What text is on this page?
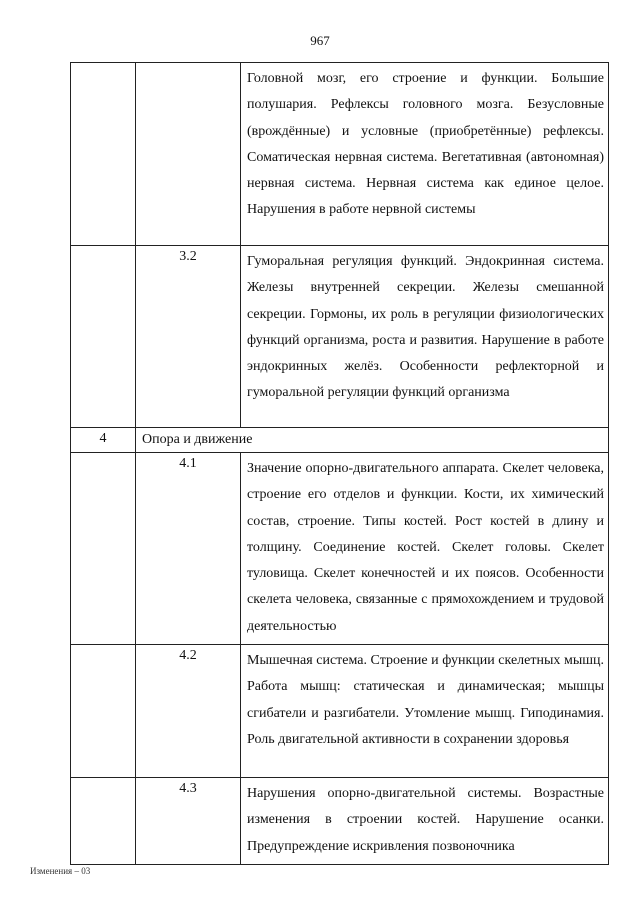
967
		Головной мозг, его строение и функции. Большие полушария. Рефлексы головного мозга. Безусловные (врождённые) и условные (приобретённые) рефлексы. Соматическая нервная система. Вегетативная (автономная) нервная система. Нервная система как единое целое. Нарушения в работе нервной системы
	3.2	Гуморальная регуляция функций. Эндокринная система. Железы внутренней секреции. Железы смешанной секреции. Гормоны, их роль в регуляции физиологических функций организма, роста и развития. Нарушение в работе эндокринных желёз. Особенности рефлекторной и гуморальной регуляции функций организма
4	Опора и движение	
	4.1	Значение опорно-двигательного аппарата. Скелет человека, строение его отделов и функции. Кости, их химический состав, строение. Типы костей. Рост костей в длину и толщину. Соединение костей. Скелет головы. Скелет туловища. Скелет конечностей и их поясов. Особенности скелета человека, связанные с прямохождением и трудовой деятельностью
	4.2	Мышечная система. Строение и функции скелетных мышц. Работа мышц: статическая и динамическая; мышцы сгибатели и разгибатели. Утомление мышц. Гиподинамия. Роль двигательной активности в сохранении здоровья
	4.3	Нарушения опорно-двигательной системы. Возрастные изменения в строении костей. Нарушение осанки. Предупреждение искривления позвоночника
Изменения – 03
